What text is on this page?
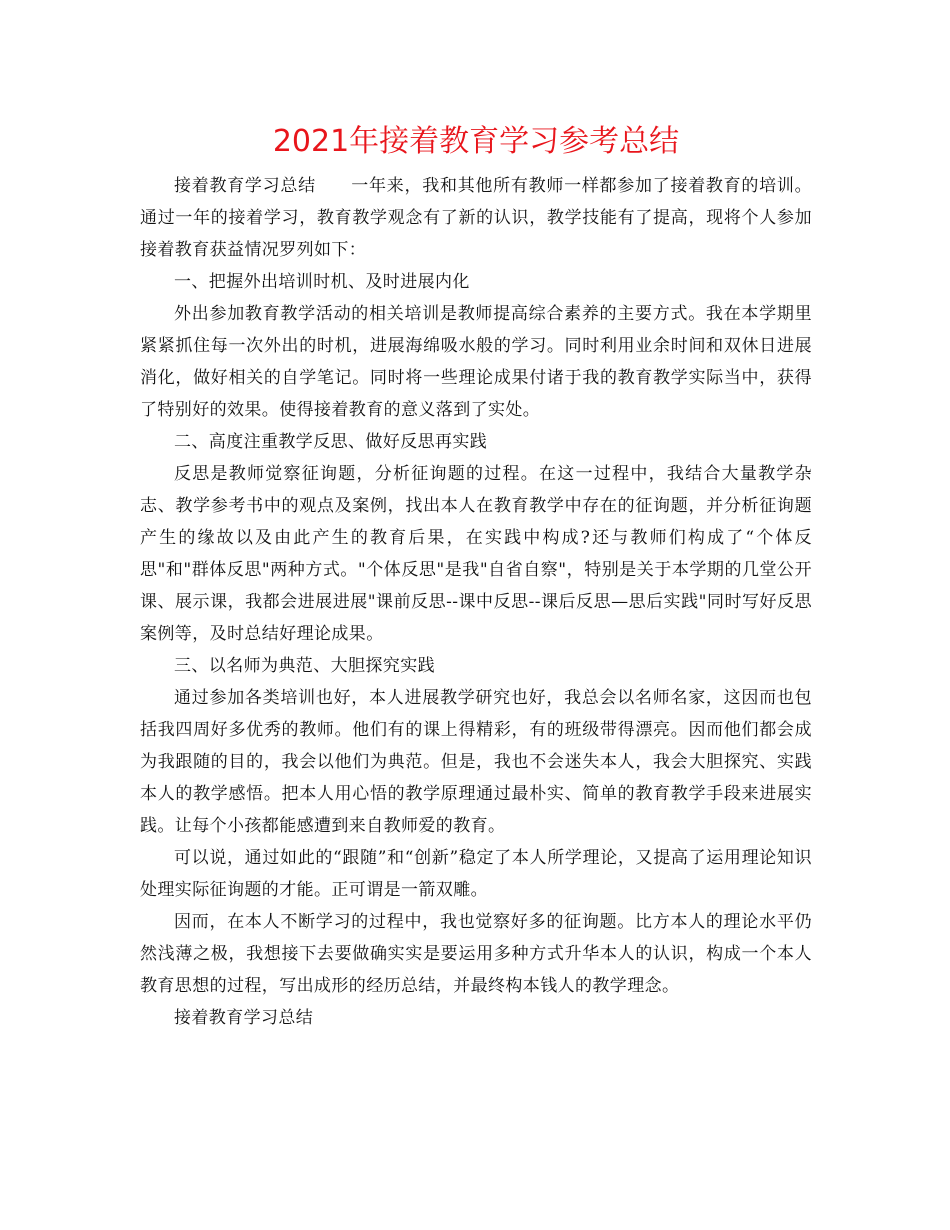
2021年接着教育学习参考总结

接着教育学习总结　　一年来，我和其他所有教师一样都参加了接着教育的培训。通过一年的接着学习，教育教学观念有了新的认识，教学技能有了提高，现将个人参加接着教育获益情况罗列如下：

一、把握外出培训时机、及时进展内化

外出参加教育教学活动的相关培训是教师提高综合素养的主要方式。我在本学期里紧紧抓住每一次外出的时机，进展海绵吸水般的学习。同时利用业余时间和双休日进展消化，做好相关的自学笔记。同时将一些理论成果付诸于我的教育教学实际当中，获得了特别好的效果。使得接着教育的意义落到了实处。

二、高度注重教学反思、做好反思再实践

反思是教师觉察征询题，分析征询题的过程。在这一过程中，我结合大量教学杂志、教学参考书中的观点及案例，找出本人在教育教学中存在的征询题，并分析征询题产生的缘故以及由此产生的教育后果，在实践中构成?还与教师们构成了“个体反思"和"群体反思"两种方式。"个体反思"是我"自省自察"，特别是关于本学期的几堂公开课、展示课，我都会进展进展"课前反思--课中反思--课后反思—思后实践"同时写好反思案例等，及时总结好理论成果。

三、以名师为典范、大胆探究实践

通过参加各类培训也好，本人进展教学研究也好，我总会以名师名家，这因而也包括我四周好多优秀的教师。他们有的课上得精彩，有的班级带得漂亮。因而他们都会成为我跟随的目的，我会以他们为典范。但是，我也不会迷失本人，我会大胆探究、实践本人的教学感悟。把本人用心悟的教学原理通过最朴实、简单的教育教学手段来进展实践。让每个小孩都能感遭到来自教师爱的教育。

可以说，通过如此的“跟随”和“创新”稳定了本人所学理论，又提高了运用理论知识处理实际征询题的才能。正可谓是一箭双雕。

因而，在本人不断学习的过程中，我也觉察好多的征询题。比方本人的理论水平仍然浅薄之极，我想接下去要做确实实是要运用多种方式升华本人的认识，构成一个本人教育思想的过程，写出成形的经历总结，并最终构本钱人的教学理念。

接着教育学习总结
